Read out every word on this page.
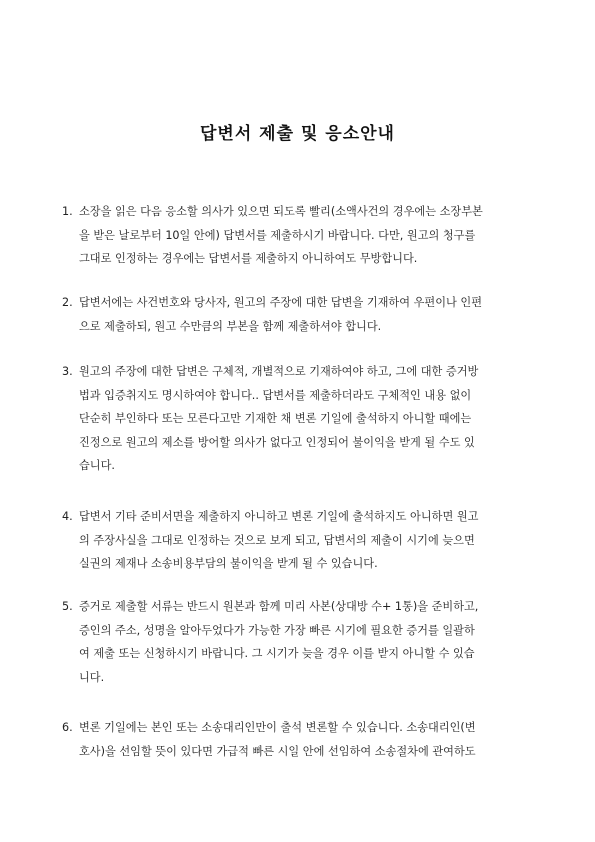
답변서 제출 및 응소안내
1. 소장을 읽은 다음 응소할 의사가 있으면 되도록 빨리(소액사건의 경우에는 소장부본
을 받은 날로부터 10일 안에) 답변서를 제출하시기 바랍니다. 다만, 원고의 청구를
그대로 인정하는 경우에는 답변서를 제출하지 아니하여도 무방합니다.
2. 답변서에는 사건번호와 당사자, 원고의 주장에 대한 답변을 기재하여 우편이나 인편
으로 제출하되, 원고 수만큼의 부본을 함께 제출하셔야 합니다.
3. 원고의 주장에 대한 답변은 구체적, 개별적으로 기재하여야 하고, 그에 대한 증거방
법과 입증취지도 명시하여야 합니다.. 답변서를 제출하더라도 구체적인 내용 없이
단순히 부인하다 또는 모른다고만 기재한 채 변론 기일에 출석하지 아니할 때에는
진정으로 원고의 제소를 방어할 의사가 없다고 인정되어 불이익을 받게 될 수도 있
습니다.
4. 답변서 기타 준비서면을 제출하지 아니하고 변론 기일에 출석하지도 아니하면 원고
의 주장사실을 그대로 인정하는 것으로 보게 되고, 답변서의 제출이 시기에 늦으면
실권의 제재나 소송비용부담의 불이익을 받게 될 수 있습니다.
5. 증거로 제출할 서류는 반드시 원본과 함께 미리 사본(상대방 수+ 1통)을 준비하고,
증인의 주소, 성명을 알아두었다가 가능한 가장 빠른 시기에 필요한 증거를 일괄하
여 제출 또는 신청하시기 바랍니다. 그 시기가 늦을 경우 이를 받지 아니할 수 있습
니다.
6. 변론 기일에는 본인 또는 소송대리인만이 출석 변론할 수 있습니다. 소송대리인(변
호사)을 선임할 뜻이 있다면 가급적 빠른 시일 안에 선임하여 소송절차에 관여하도
